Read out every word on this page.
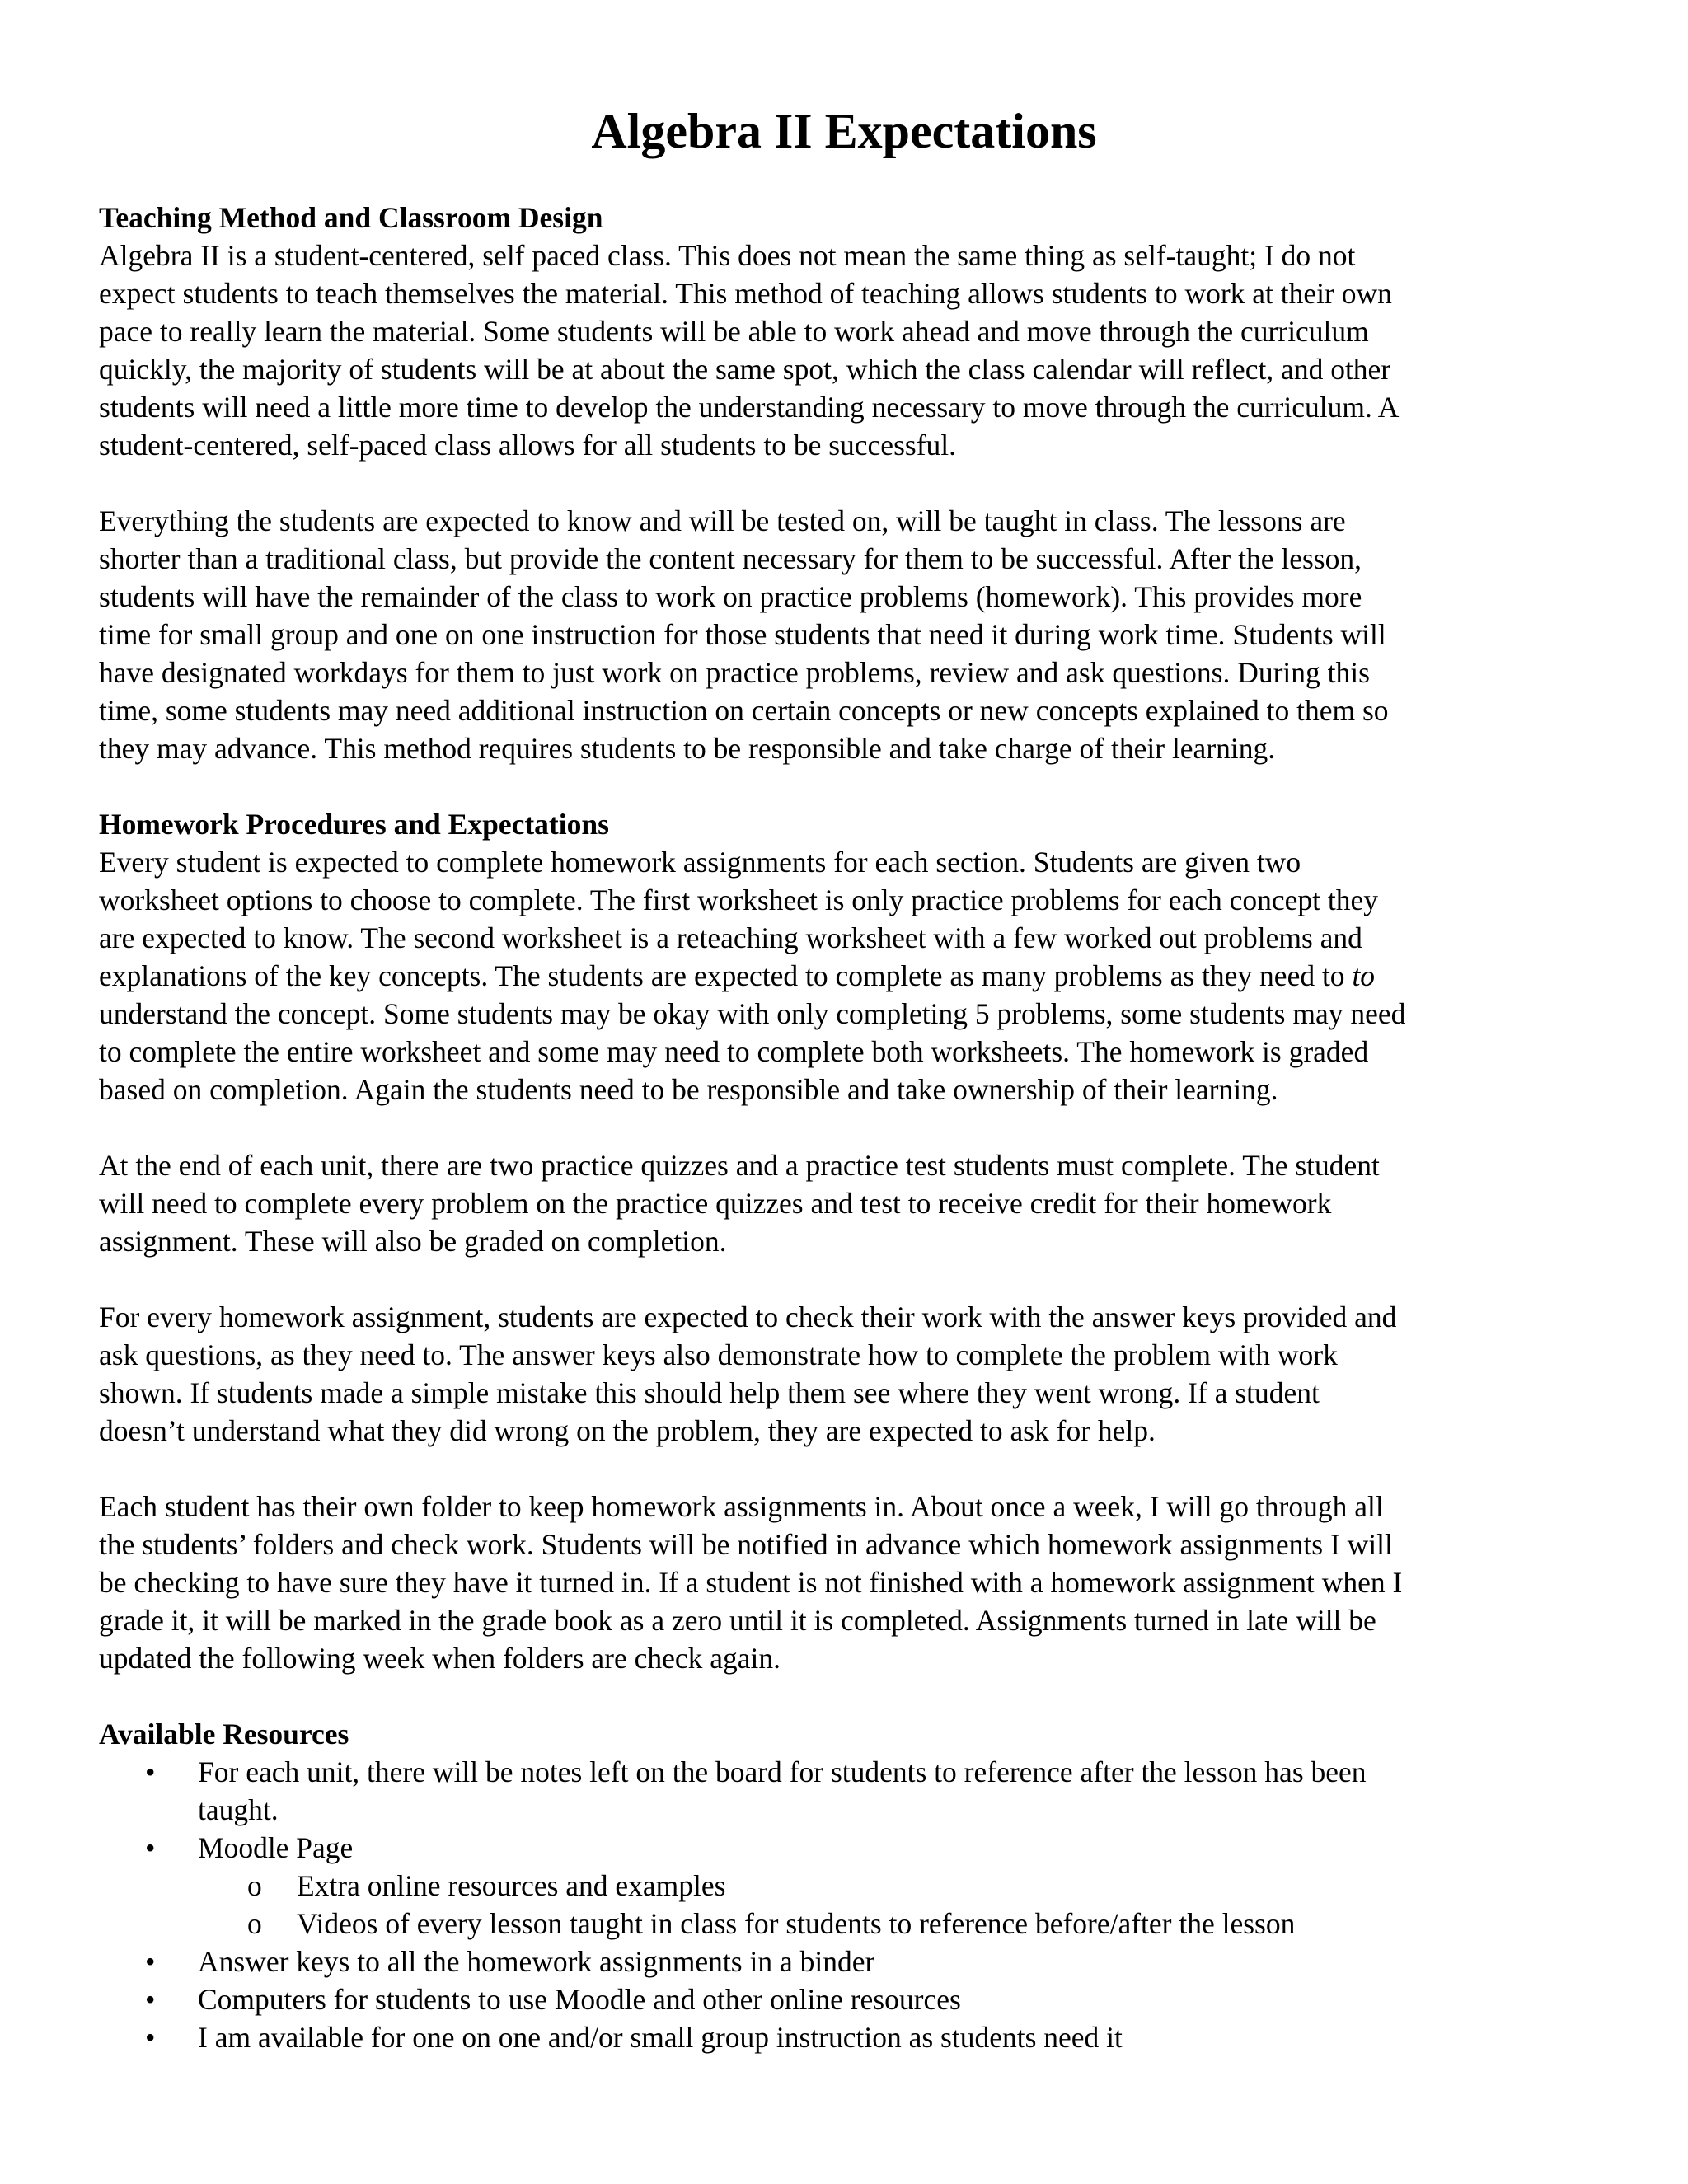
Algebra II Expectations

Teaching Method and Classroom Design

Algebra II is a student-centered, self paced class. This does not mean the same thing as self-taught; I do not
expect students to teach themselves the material. This method of teaching allows students to work at their own
pace to really learn the material. Some students will be able to work ahead and move through the curriculum
quickly, the majority of students will be at about the same spot, which the class calendar will reflect, and other
students will need a little more time to develop the understanding necessary to move through the curriculum. A
student-centered, self-paced class allows for all students to be successful.

Everything the students are expected to know and will be tested on, will be taught in class. The lessons are
shorter than a traditional class, but provide the content necessary for them to be successful. After the lesson,
students will have the remainder of the class to work on practice problems (homework). This provides more
time for small group and one on one instruction for those students that need it during work time. Students will
have designated workdays for them to just work on practice problems, review and ask questions. During this
time, some students may need additional instruction on certain concepts or new concepts explained to them so
they may advance. This method requires students to be responsible and take charge of their learning.

Homework Procedures and Expectations

Every student is expected to complete homework assignments for each section. Students are given two
worksheet options to choose to complete. The first worksheet is only practice problems for each concept they
are expected to know. The second worksheet is a reteaching worksheet with a few worked out problems and
explanations of the key concepts. The students are expected to complete as many problems as they need to to
understand the concept. Some students may be okay with only completing 5 problems, some students may need
to complete the entire worksheet and some may need to complete both worksheets. The homework is graded
based on completion. Again the students need to be responsible and take ownership of their learning.

At the end of each unit, there are two practice quizzes and a practice test students must complete. The student
will need to complete every problem on the practice quizzes and test to receive credit for their homework
assignment. These will also be graded on completion.

For every homework assignment, students are expected to check their work with the answer keys provided and
ask questions, as they need to. The answer keys also demonstrate how to complete the problem with work
shown. If students made a simple mistake this should help them see where they went wrong. If a student
doesn’t understand what they did wrong on the problem, they are expected to ask for help.

Each student has their own folder to keep homework assignments in. About once a week, I will go through all
the students’ folders and check work. Students will be notified in advance which homework assignments I will
be checking to have sure they have it turned in. If a student is not finished with a homework assignment when I
grade it, it will be marked in the grade book as a zero until it is completed. Assignments turned in late will be
updated the following week when folders are check again.

Available Resources

• For each unit, there will be notes left on the board for students to reference after the lesson has been
taught.
• Moodle Page
o Extra online resources and examples
o Videos of every lesson taught in class for students to reference before/after the lesson
• Answer keys to all the homework assignments in a binder
• Computers for students to use Moodle and other online resources
• I am available for one on one and/or small group instruction as students need it
